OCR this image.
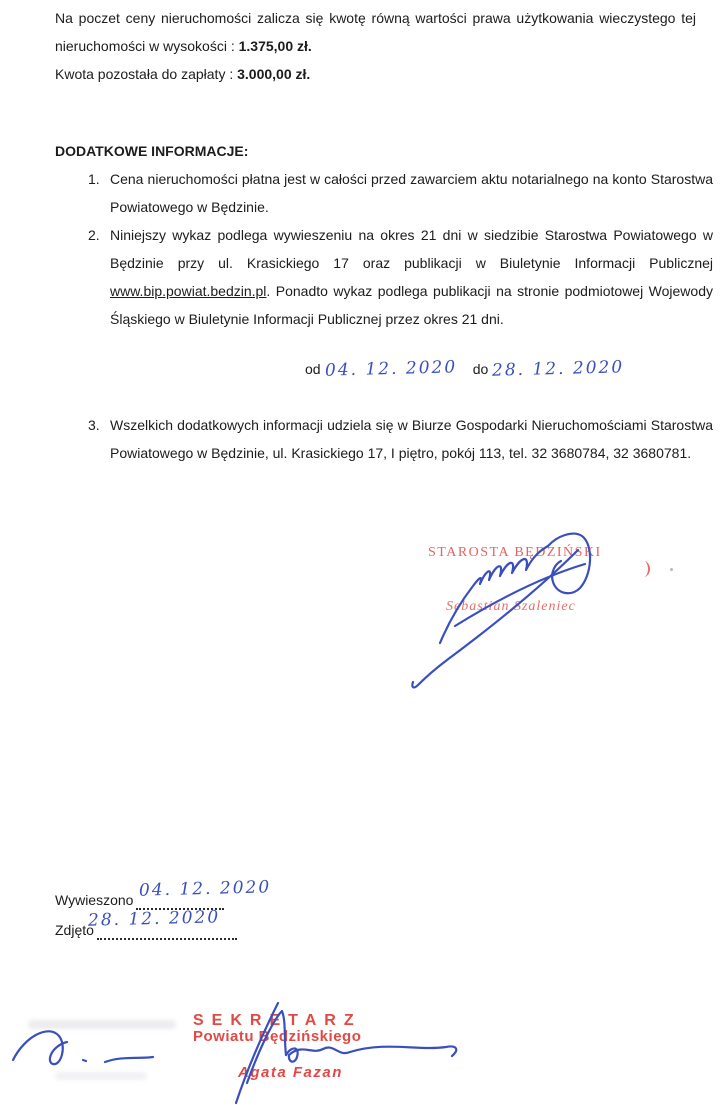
Na poczet ceny nieruchomości zalicza się kwotę równą wartości prawa użytkowania wieczystego tej nieruchomości w wysokości : 1.375,00 zł.

Kwota pozostała do zapłaty : 3.000,00 zł.

DODATKOWE INFORMACJE:

1. Cena nieruchomości płatna jest w całości przed zawarciem aktu notarialnego na konto Starostwa Powiatowego w Będzinie.

2. Niniejszy wykaz podlega wywieszeniu na okres 21 dni w siedzibie Starostwa Powiatowego w Będzinie przy ul. Krasickiego 17 oraz publikacji w Biuletynie Informacji Publicznej www.bip.powiat.bedzin.pl. Ponadto wykaz podlega publikacji na stronie podmiotowej Wojewody Śląskiego w Biuletynie Informacji Publicznej przez okres 21 dni.

od 04. 12. 2020 do 28. 12. 2020
3. Wszelkich dodatkowych informacji udziela się w Biurze Gospodarki Nieruchomościami Starostwa Powiatowego w Będzinie, ul. Krasickiego 17, I piętro, pokój 113, tel. 32 3680784, 32 3680781.

STAROSTA BĘDZIŃSKI
Sebastian Szaleniec
Wywieszono 04. 12. 2020
Zdjęto
28. 12. 2020
SEKRETARZ
Powiatu Będzińskiego
Agata Fazan
